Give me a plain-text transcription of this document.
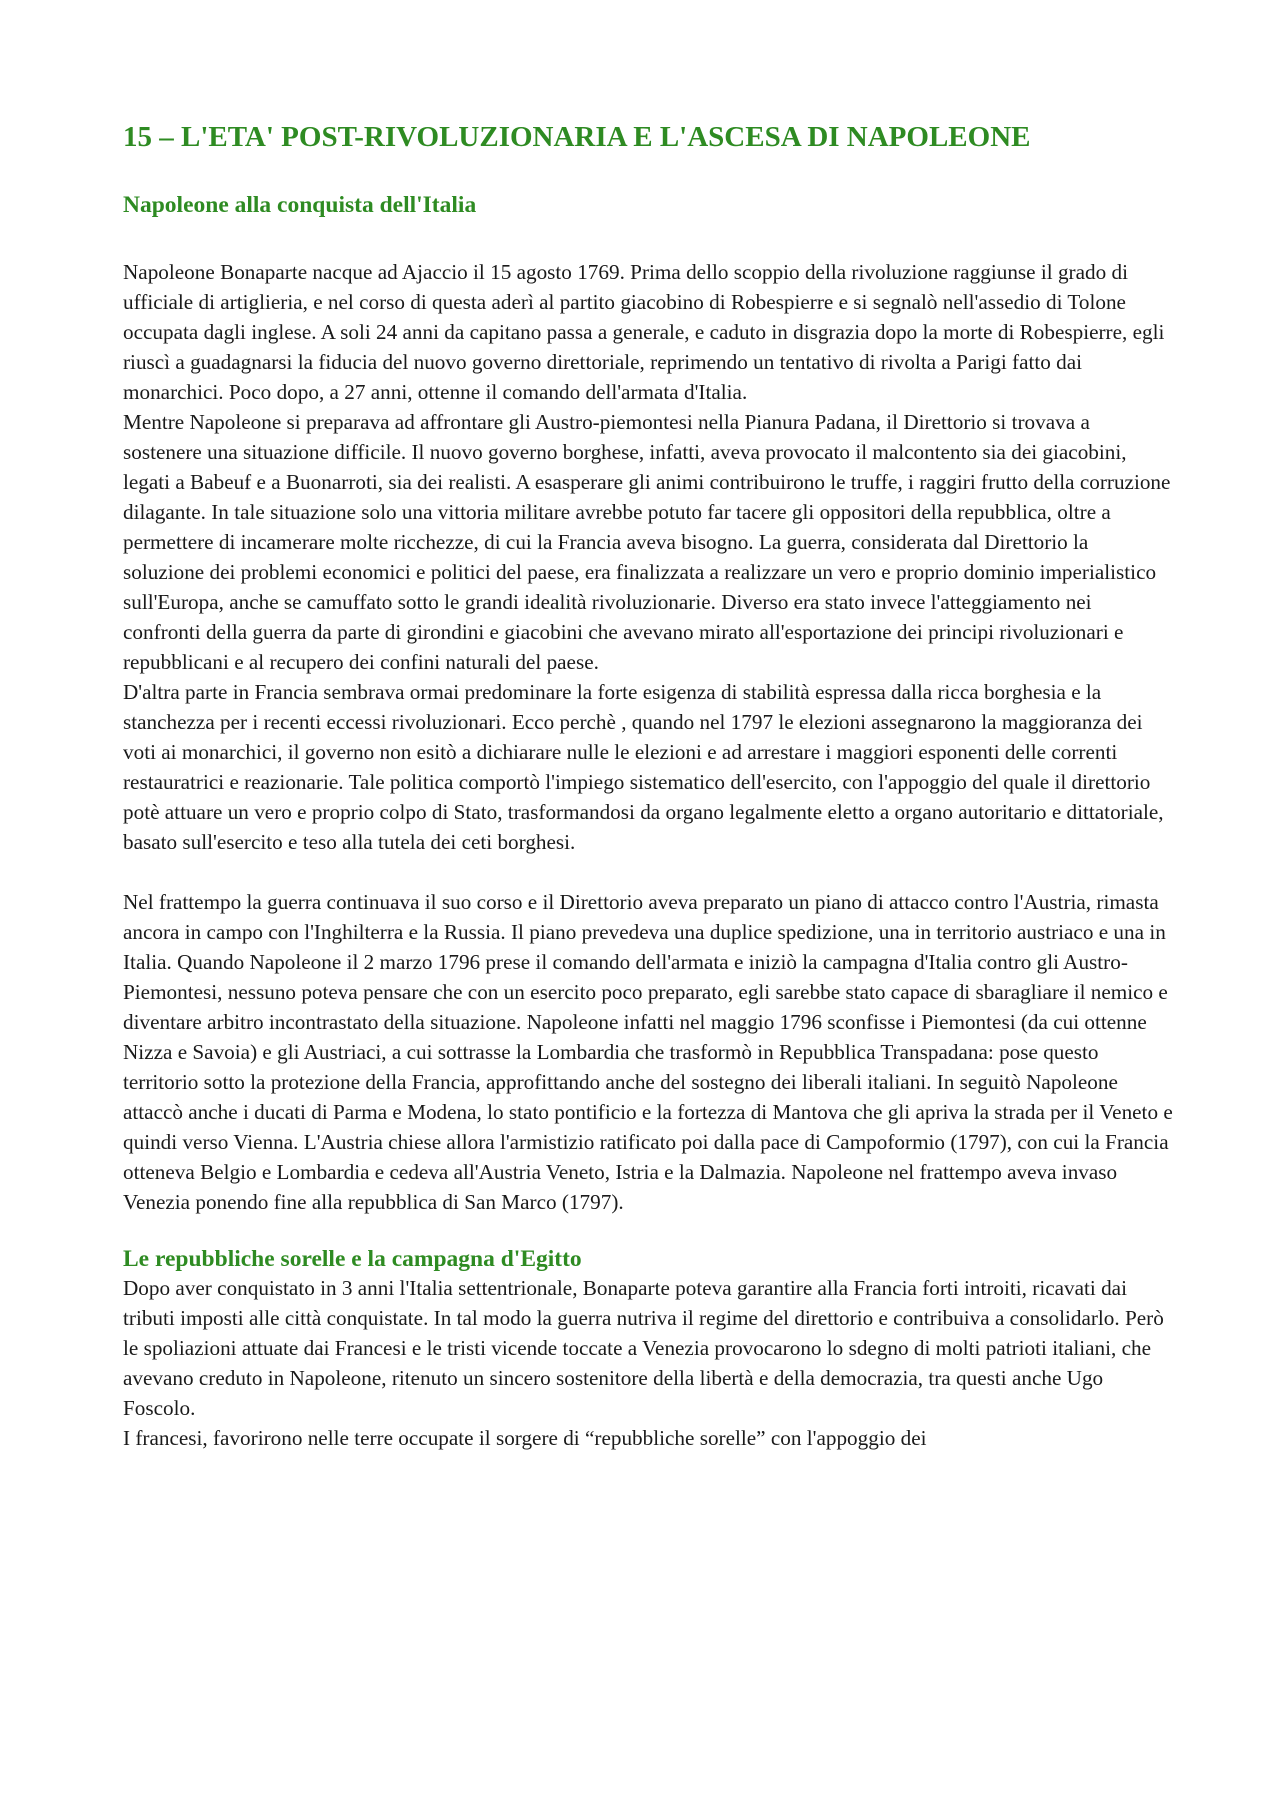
15 – L'ETA' POST-RIVOLUZIONARIA E L'ASCESA DI NAPOLEONE
Napoleone alla conquista dell'Italia

Napoleone Bonaparte nacque ad Ajaccio il 15 agosto 1769. Prima dello scoppio della rivoluzione raggiunse il grado di ufficiale di artiglieria, e nel corso di questa aderì al partito giacobino di Robespierre e si segnalò nell'assedio di Tolone occupata dagli inglese. A soli 24 anni da capitano passa a generale, e caduto in disgrazia dopo la morte di Robespierre, egli riuscì a guadagnarsi la fiducia del nuovo governo direttoriale, reprimendo un tentativo di rivolta a Parigi fatto dai monarchici. Poco dopo, a 27 anni, ottenne il comando dell'armata d'Italia.

Mentre Napoleone si preparava ad affrontare gli Austro-piemontesi nella Pianura Padana, il Direttorio si trovava a sostenere una situazione difficile. Il nuovo governo borghese, infatti, aveva provocato il malcontento sia dei giacobini, legati a Babeuf e a Buonarroti, sia dei realisti. A esasperare gli animi contribuirono le truffe, i raggiri frutto della corruzione dilagante. In tale situazione solo una vittoria militare avrebbe potuto far tacere gli oppositori della repubblica, oltre a permettere di incamerare molte ricchezze, di cui la Francia aveva bisogno. La guerra, considerata dal Direttorio la soluzione dei problemi economici e politici del paese, era finalizzata a realizzare un vero e proprio dominio imperialistico sull'Europa, anche se camuffato sotto le grandi idealità rivoluzionarie. Diverso era stato invece l'atteggiamento nei confronti della guerra da parte di girondini e giacobini che avevano mirato all'esportazione dei principi rivoluzionari e repubblicani e al recupero dei confini naturali del paese.

D'altra parte in Francia sembrava ormai predominare la forte esigenza di stabilità espressa dalla ricca borghesia e la stanchezza per i recenti eccessi rivoluzionari. Ecco perchè , quando nel 1797 le elezioni assegnarono la maggioranza dei voti ai monarchici, il governo non esitò a dichiarare nulle le elezioni e ad arrestare i maggiori esponenti delle correnti restauratrici e reazionarie. Tale politica comportò l'impiego sistematico dell'esercito, con l'appoggio del quale il direttorio potè attuare un vero e proprio colpo di Stato, trasformandosi da organo legalmente eletto a organo autoritario e dittatoriale, basato sull'esercito e teso alla tutela dei ceti borghesi.

Nel frattempo la guerra continuava il suo corso e il Direttorio aveva preparato un piano di attacco contro l'Austria, rimasta ancora in campo con l'Inghilterra e la Russia. Il piano prevedeva una duplice spedizione, una in territorio austriaco e una in Italia. Quando Napoleone il 2 marzo 1796 prese il comando dell'armata e iniziò la campagna d'Italia contro gli Austro-Piemontesi, nessuno poteva pensare che con un esercito poco preparato, egli sarebbe stato capace di sbaragliare il nemico e diventare arbitro incontrastato della situazione. Napoleone infatti nel maggio 1796 sconfisse i Piemontesi (da cui ottenne Nizza e Savoia) e gli Austriaci, a cui sottrasse la Lombardia che trasformò in Repubblica Transpadana: pose questo territorio sotto la protezione della Francia, approfittando anche del sostegno dei liberali italiani. In seguitò Napoleone attaccò anche i ducati di Parma e Modena, lo stato pontificio e la fortezza di Mantova che gli apriva la strada per il Veneto e quindi verso Vienna. L'Austria chiese allora l'armistizio ratificato poi dalla pace di Campoformio (1797), con cui la Francia otteneva Belgio e Lombardia e cedeva all'Austria Veneto, Istria e la Dalmazia. Napoleone nel frattempo aveva invaso Venezia ponendo fine alla repubblica di San Marco (1797).

Le repubbliche sorelle e la campagna d'Egitto

Dopo aver conquistato in 3 anni l'Italia settentrionale, Bonaparte poteva garantire alla Francia forti introiti, ricavati dai tributi imposti alle città conquistate. In tal modo la guerra nutriva il regime del direttorio e contribuiva a consolidarlo. Però le spoliazioni attuate dai Francesi e le tristi vicende toccate a Venezia provocarono lo sdegno di molti patrioti italiani, che avevano creduto in Napoleone, ritenuto un sincero sostenitore della libertà e della democrazia, tra questi anche Ugo Foscolo.

I francesi, favorirono nelle terre occupate il sorgere di “repubbliche sorelle” con l'appoggio dei
